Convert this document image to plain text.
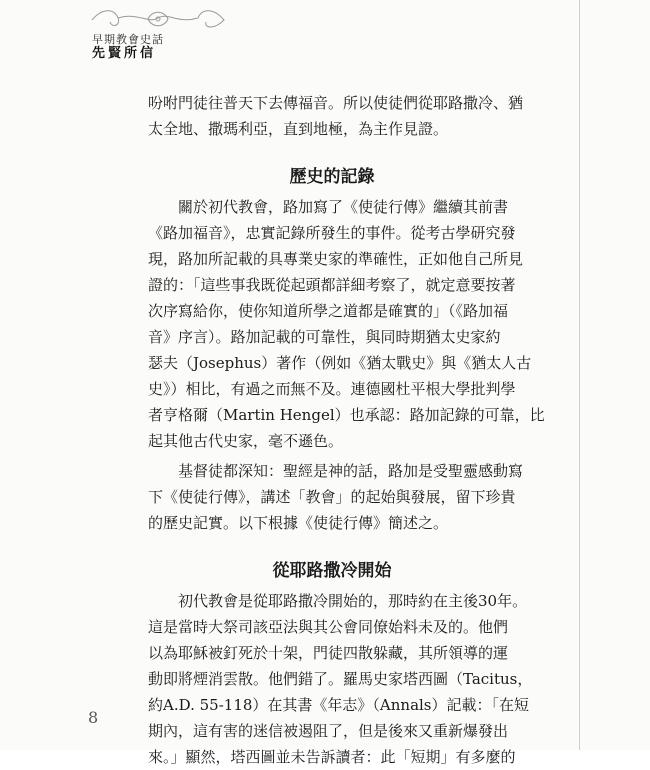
早期教會史話
先賢所信
吩咐門徒往普天下去傳福音。所以使徒們從耶路撒冷、猶
太全地、撒瑪利亞，直到地極，為主作見證。
歷史的記錄
關於初代教會，路加寫了《使徒行傳》繼續其前書
《路加福音》，忠實記錄所發生的事件。從考古學研究發
現，路加所記載的具專業史家的準確性，正如他自己所見
證的：「這些事我既從起頭都詳細考察了，就定意要按著
次序寫給你，使你知道所學之道都是確實的」（《路加福
音》序言）。路加記載的可靠性，與同時期猶太史家約
瑟夫（Josephus）著作（例如《猶太戰史》與《猶太人古
史》）相比，有過之而無不及。連德國杜平根大學批判學
者亨格爾（Martin Hengel）也承認：路加記錄的可靠，比
起其他古代史家，毫不遜色。
基督徒都深知：聖經是神的話，路加是受聖靈感動寫
下《使徒行傳》，講述「教會」的起始與發展，留下珍貴
的歷史記實。以下根據《使徒行傳》簡述之。
從耶路撒冷開始
初代教會是從耶路撒冷開始的，那時約在主後30年。
這是當時大祭司該亞法與其公會同僚始料未及的。他們
以為耶穌被釘死於十架，門徒四散躲藏，其所領導的運
動即將煙消雲散。他們錯了。羅馬史家塔西圖（Tacitus，
約A.D. 55-118）在其書《年志》（Annals）記載：「在短
期內，這有害的迷信被遏阻了，但是後來又重新爆發出
來。」顯然，塔西圖並未告訴讀者：此「短期」有多麼的
8
